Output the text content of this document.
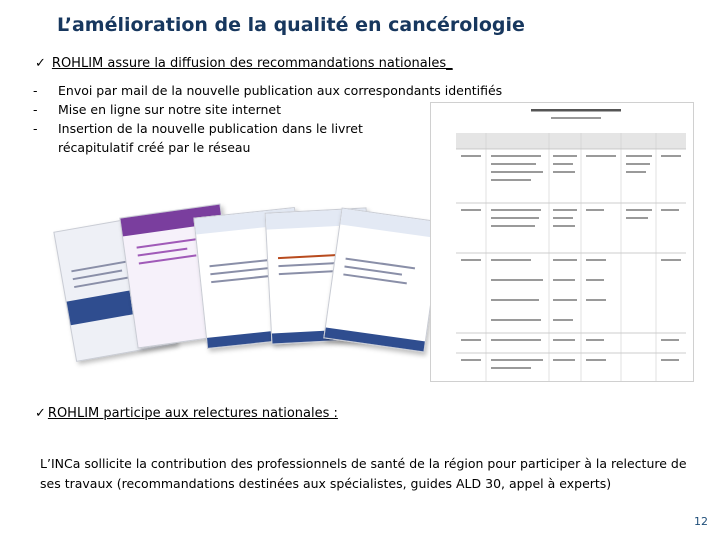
L’amélioration de la qualité en cancérologie
✓ ROHLIM assure la diffusion des recommandations nationales_
- Envoi par mail de la nouvelle publication aux correspondants identifiés
- Mise en ligne sur notre site internet
- Insertion de la nouvelle publication dans le livret récapitulatif créé par le réseau
✓ ROHLIM participe aux relectures nationales :

L’INCa sollicite la contribution des professionnels de santé de la région pour participer à la relecture de ses travaux (recommandations destinées aux spécialistes, guides ALD 30, appel à experts)

12
